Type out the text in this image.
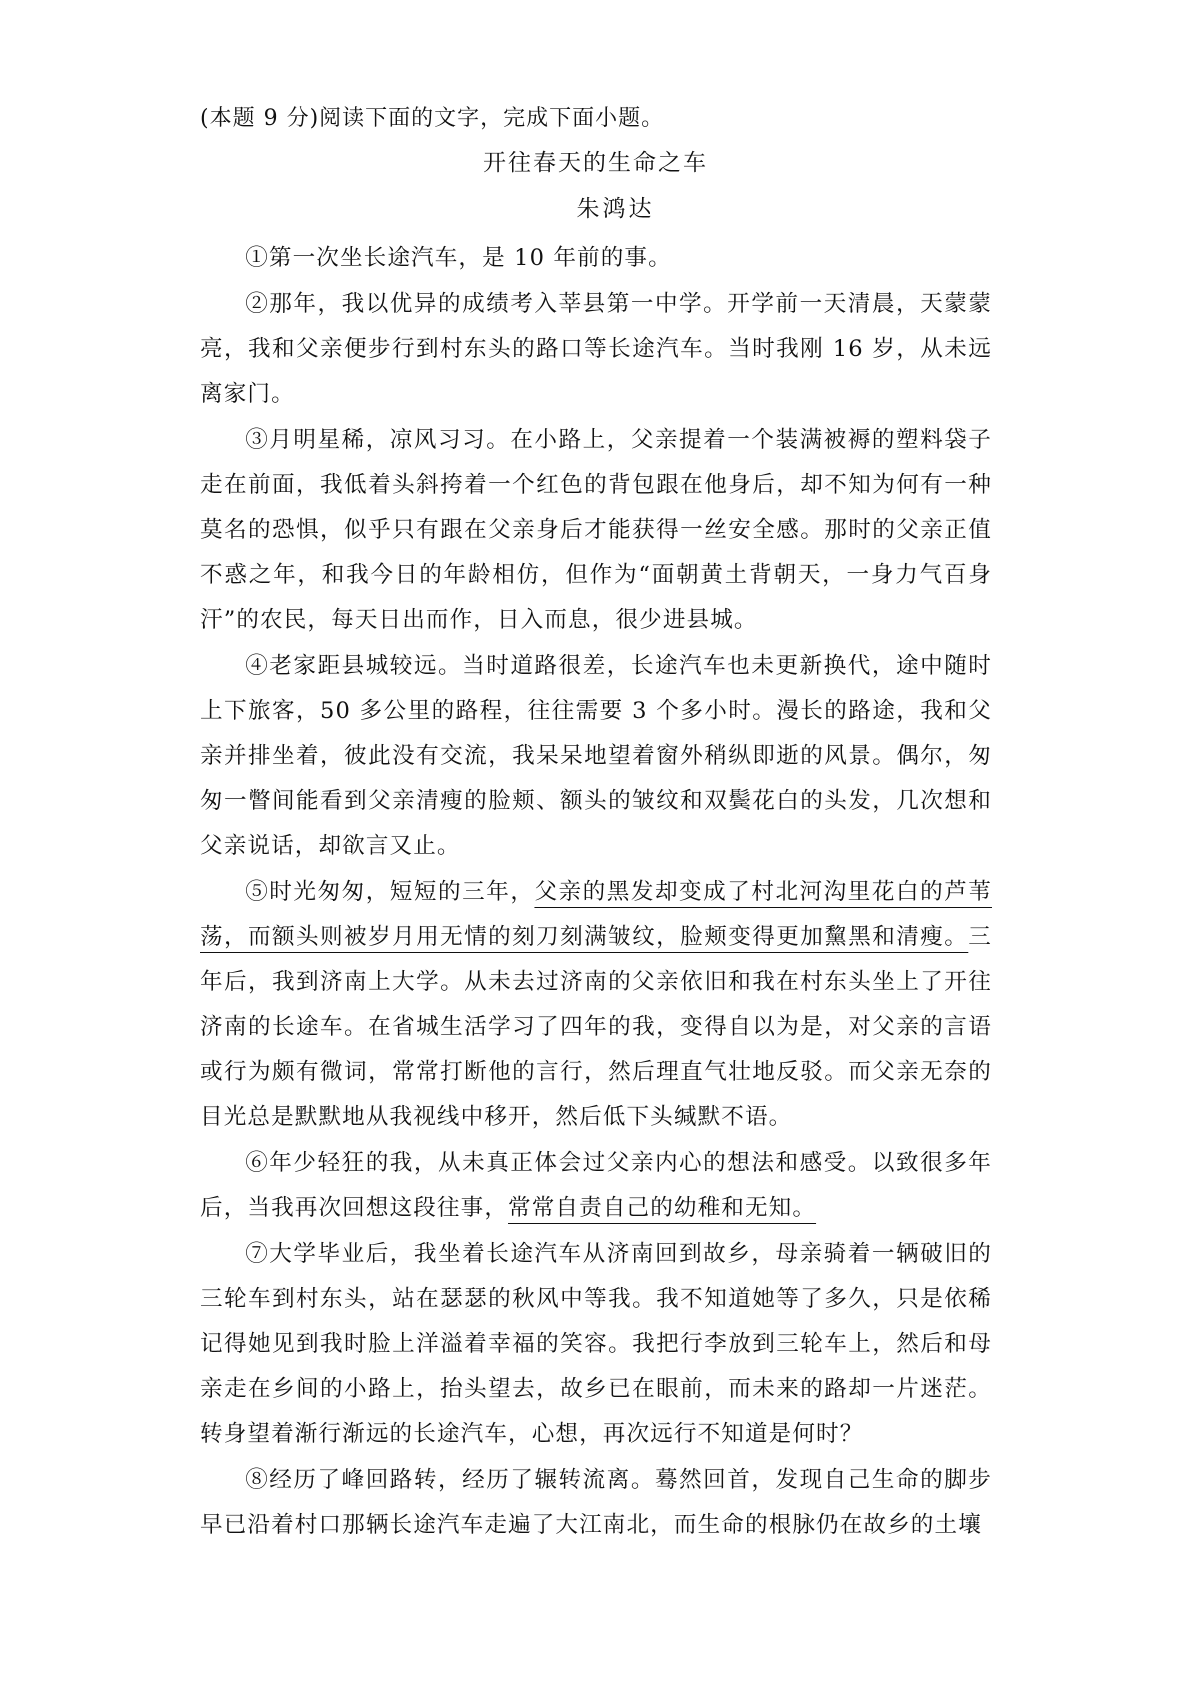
(本题 9 分)阅读下面的文字，完成下面小题。
开往春天的生命之车
朱鸿达

①第一次坐长途汽车，是 10 年前的事。

②那年，我以优异的成绩考入莘县第一中学。开学前一天清晨，天蒙蒙亮，我和父亲便步行到村东头的路口等长途汽车。当时我刚 16 岁，从未远离家门。

③月明星稀，凉风习习。在小路上，父亲提着一个装满被褥的塑料袋子走在前面，我低着头斜挎着一个红色的背包跟在他身后，却不知为何有一种莫名的恐惧，似乎只有跟在父亲身后才能获得一丝安全感。那时的父亲正值不惑之年，和我今日的年龄相仿，但作为“面朝黄土背朝天，一身力气百身汗”的农民，每天日出而作，日入而息，很少进县城。

④老家距县城较远。当时道路很差，长途汽车也未更新换代，途中随时上下旅客，50 多公里的路程，往往需要 3 个多小时。漫长的路途，我和父亲并排坐着，彼此没有交流，我呆呆地望着窗外稍纵即逝的风景。偶尔，匆匆一瞥间能看到父亲清瘦的脸颊、额头的皱纹和双鬓花白的头发，几次想和父亲说话，却欲言又止。

⑤时光匆匆，短短的三年，父亲的黑发却变成了村北河沟里花白的芦苇荡，而额头则被岁月用无情的刻刀刻满皱纹，脸颊变得更加黧黑和清瘦。三年后，我到济南上大学。从未去过济南的父亲依旧和我在村东头坐上了开往济南的长途车。在省城生活学习了四年的我，变得自以为是，对父亲的言语或行为颇有微词，常常打断他的言行，然后理直气壮地反驳。而父亲无奈的目光总是默默地从我视线中移开，然后低下头缄默不语。

⑥年少轻狂的我，从未真正体会过父亲内心的想法和感受。以致很多年后，当我再次回想这段往事，常常自责自己的幼稚和无知。

⑦大学毕业后，我坐着长途汽车从济南回到故乡，母亲骑着一辆破旧的三轮车到村东头，站在瑟瑟的秋风中等我。我不知道她等了多久，只是依稀记得她见到我时脸上洋溢着幸福的笑容。我把行李放到三轮车上，然后和母亲走在乡间的小路上，抬头望去，故乡已在眼前，而未来的路却一片迷茫。转身望着渐行渐远的长途汽车，心想，再次远行不知道是何时？

⑧经历了峰回路转，经历了辗转流离。蓦然回首，发现自己生命的脚步早已沿着村口那辆长途汽车走遍了大江南北，而生命的根脉仍在故乡的土壤
